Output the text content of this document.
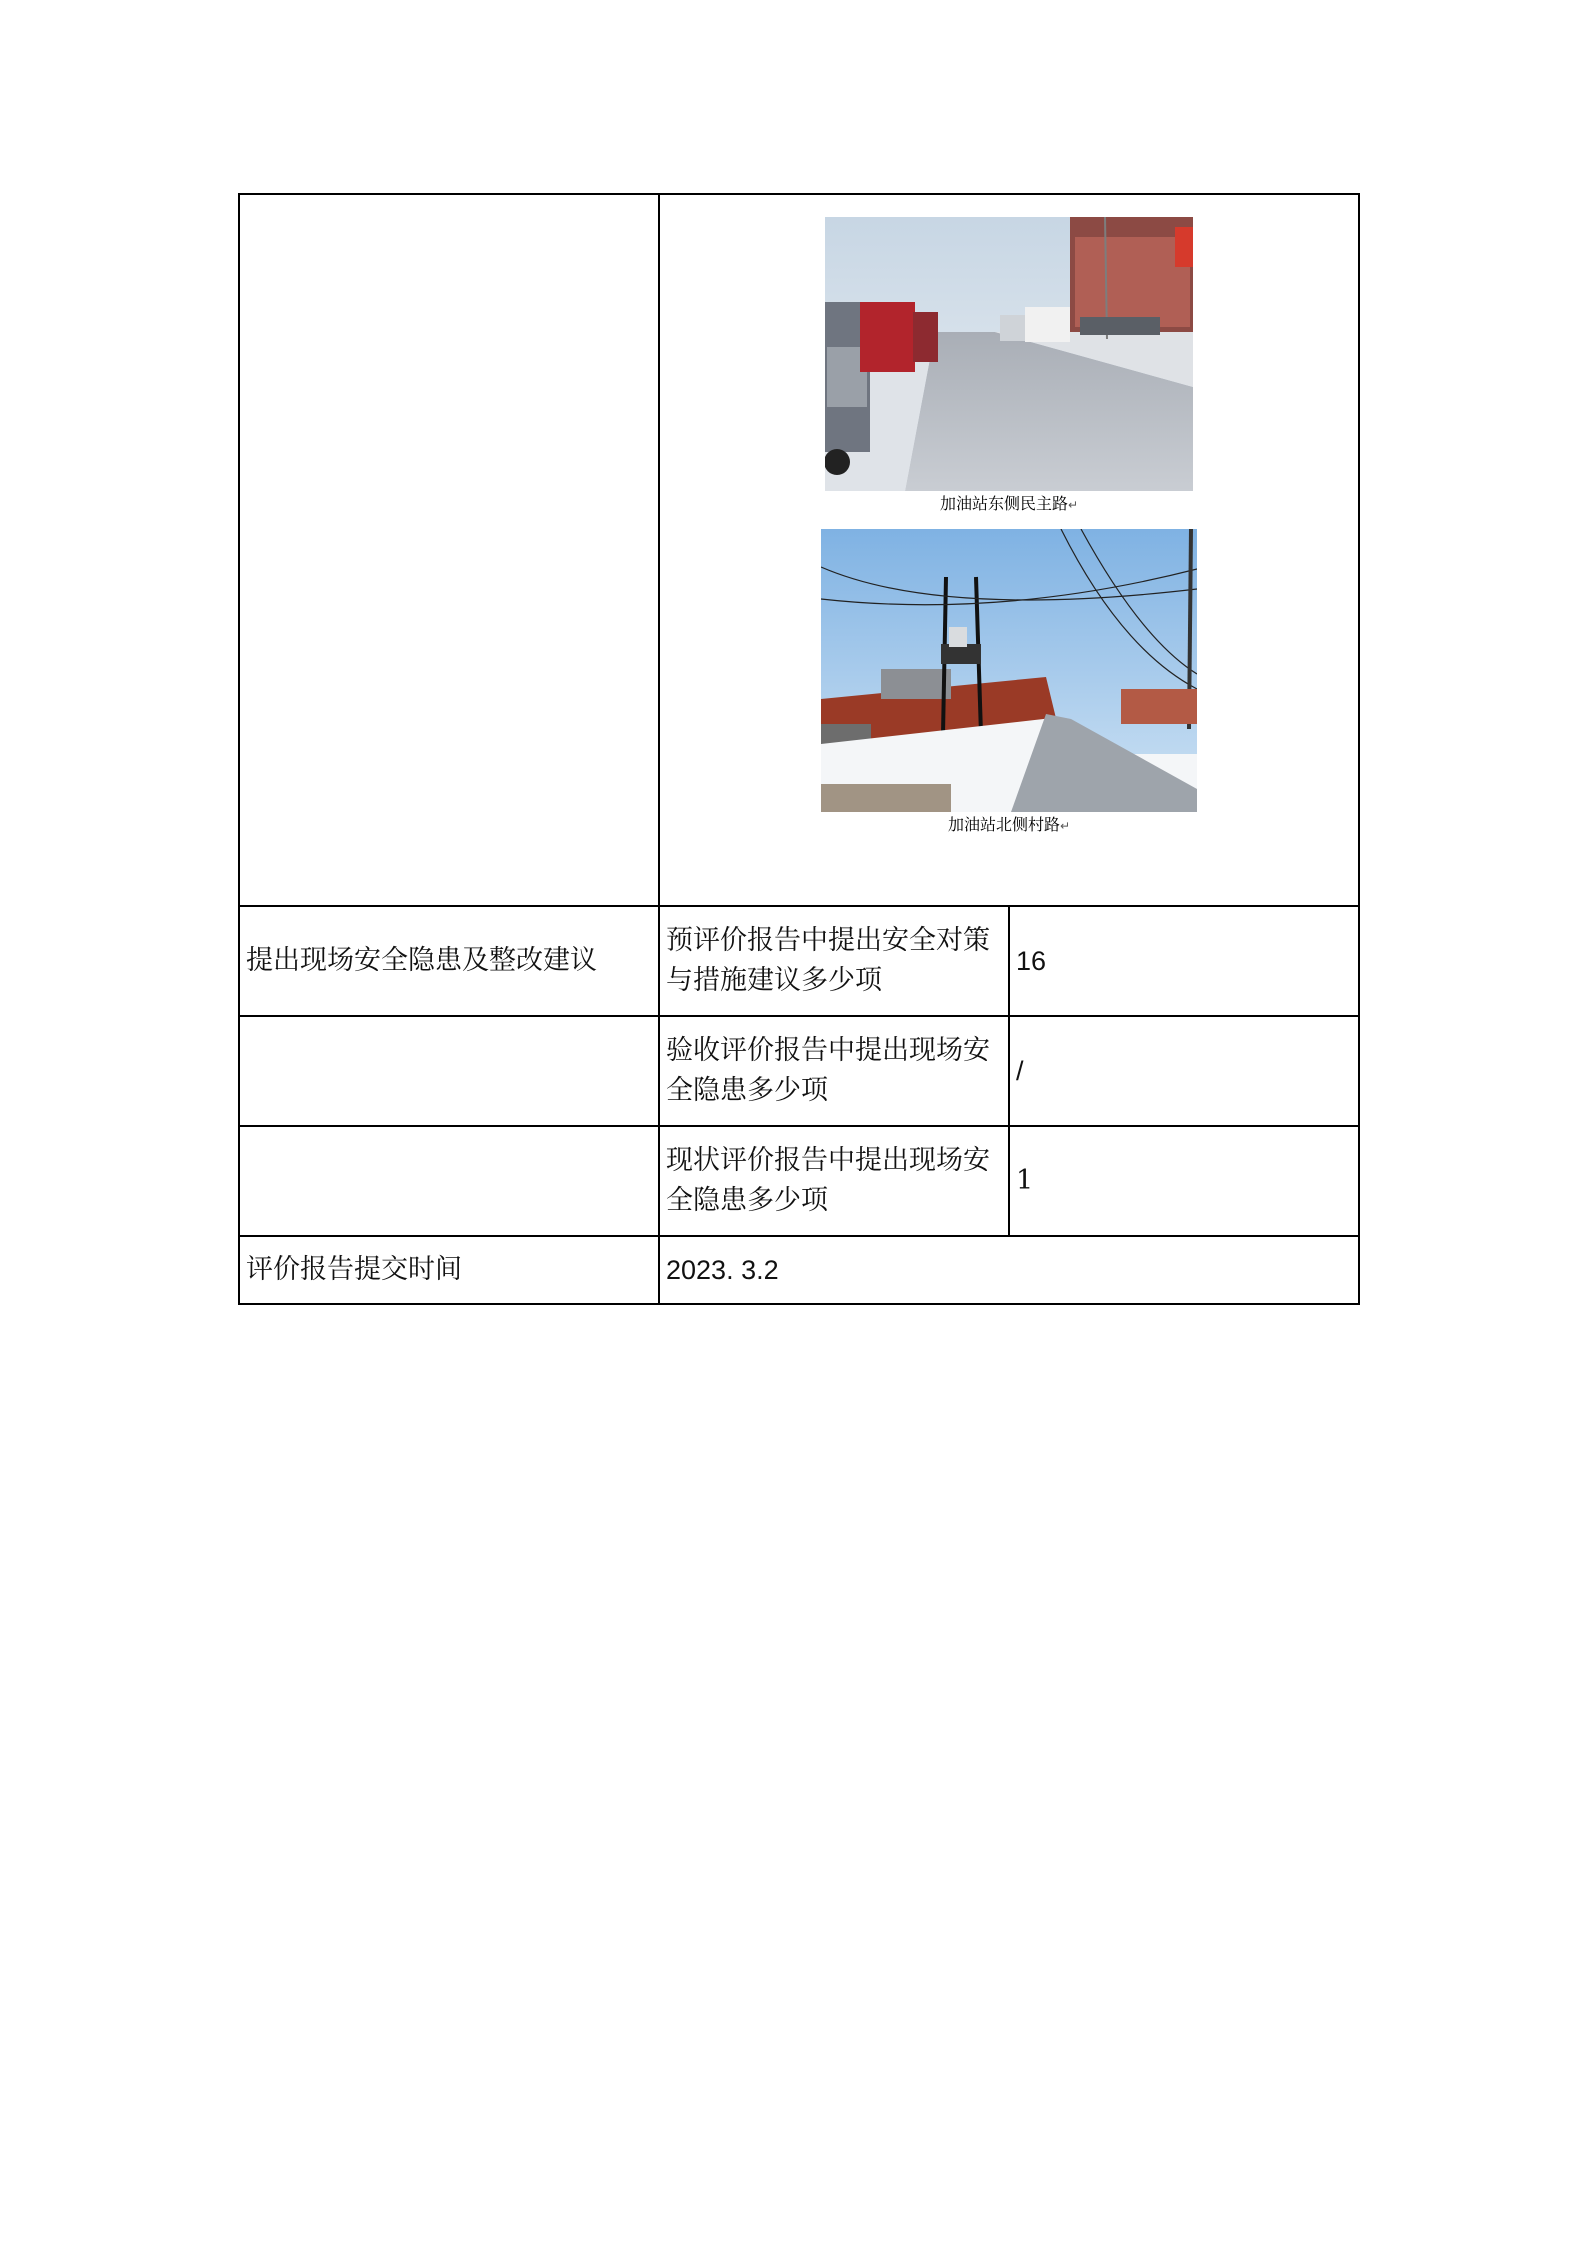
	加油站东侧民主路↵
加油站北侧村路↵	

提出现场安全隐患及整改建议	预评价报告中提出安全对策与措施建议多少项	16
	验收评价报告中提出现场安全隐患多少项	/
	现状评价报告中提出现场安全隐患多少项	1
评价报告提交时间	2023. 3.2	
